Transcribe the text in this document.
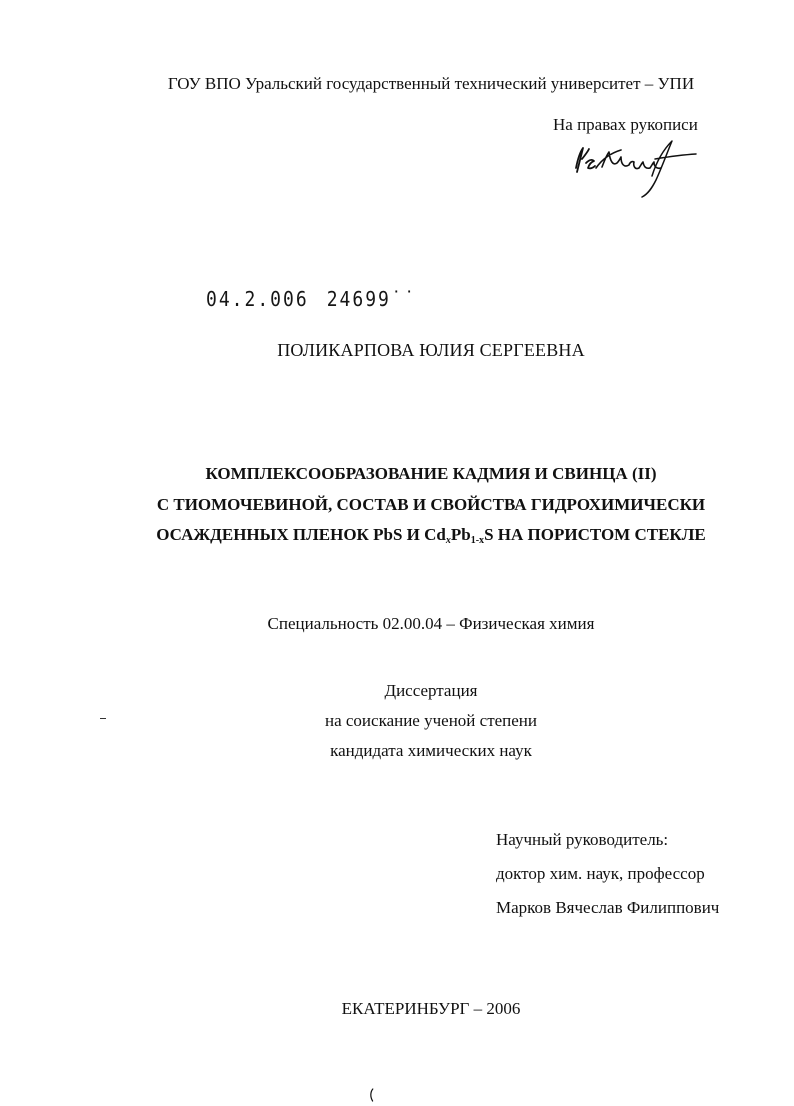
ГОУ ВПО Уральский государственный технический университет – УПИ
На правах рукописи
04.2.006 24699˙˙
ПОЛИКАРПОВА ЮЛИЯ СЕРГЕЕВНА
КОМПЛЕКСООБРАЗОВАНИЕ КАДМИЯ И СВИНЦА (II)
С ТИОМОЧЕВИНОЙ, СОСТАВ И СВОЙСТВА ГИДРОХИМИЧЕСКИ
ОСАЖДЕННЫХ ПЛЕНОК PbS И $Cd_xPb_{1-x}S$ НА ПОРИСТОМ СТЕКЛЕ
Специальность 02.00.04 – Физическая химия
Диссертация
на соискание ученой степени
кандидата химических наук
Научный руководитель:
доктор хим. наук, профессор
Марков Вячеслав Филиппович
ЕКАТЕРИНБУРГ – 2006
